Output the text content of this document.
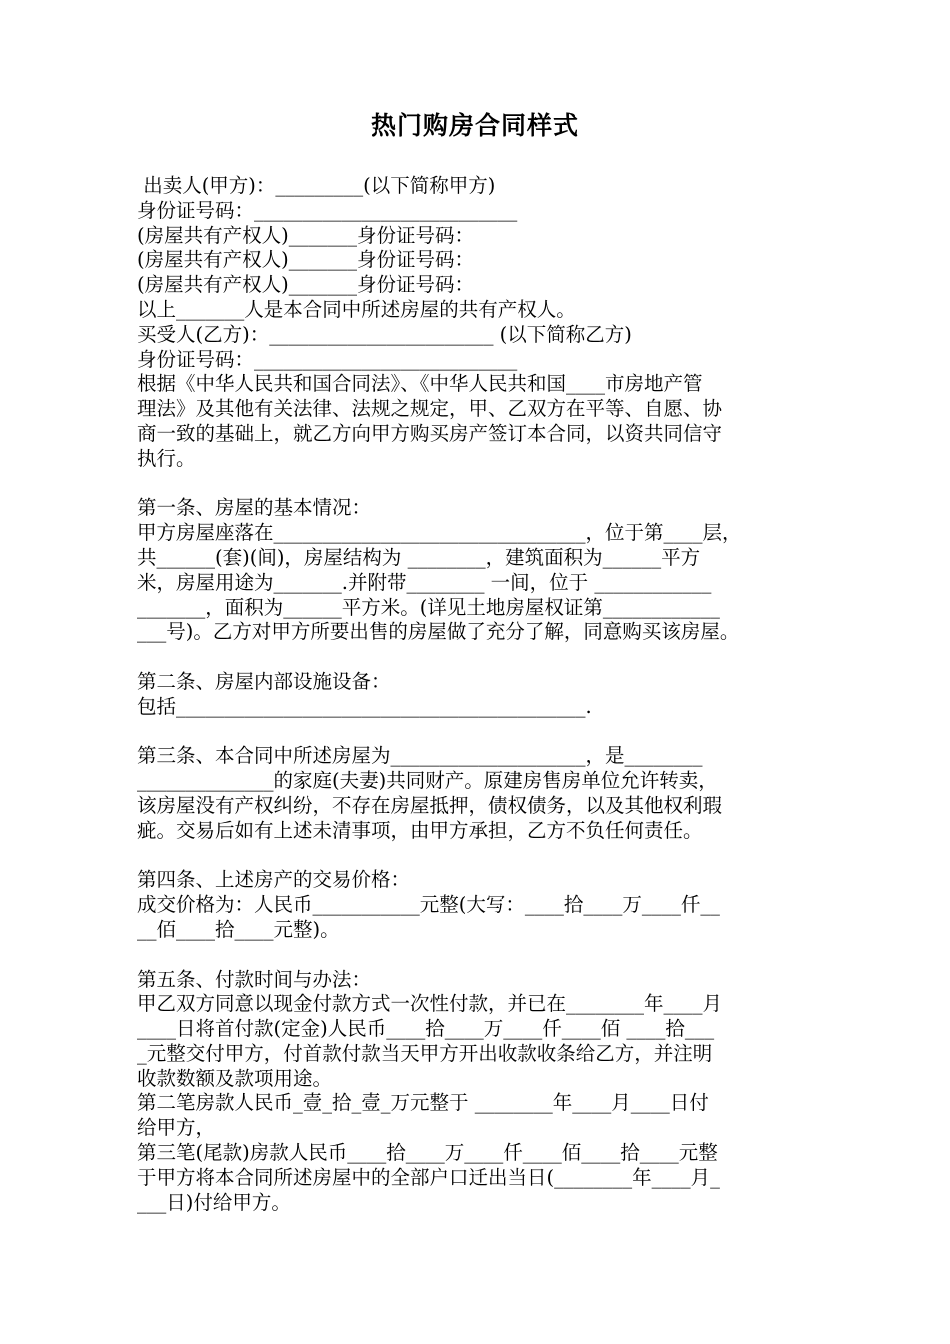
热门购房合同样式
出卖人(甲方)：_________(以下简称甲方)
身份证号码：___________________________
(房屋共有产权人)_______身份证号码：
(房屋共有产权人)_______身份证号码：
(房屋共有产权人)_______身份证号码：
以上_______人是本合同中所述房屋的共有产权人。
买受人(乙方)：_______________________ (以下简称乙方)
身份证号码：___________________________
根据《中华人民共和国合同法》、《中华人民共和国____市房地产管
理法》及其他有关法律、法规之规定，甲、乙双方在平等、自愿、协
商一致的基础上，就乙方向甲方购买房产签订本合同，以资共同信守
执行。
第一条、房屋的基本情况：
甲方房屋座落在________________________________，位于第____层，
共______(套)(间)，房屋结构为 ________，建筑面积为______平方
米，房屋用途为_______.并附带________ 一间，位于 ____________
_______，面积为______平方米。(详见土地房屋权证第____________
___号)。乙方对甲方所要出售的房屋做了充分了解，同意购买该房屋。
第二条、房屋内部设施设备：
包括__________________________________________.
第三条、本合同中所述房屋为____________________，是________
______________的家庭(夫妻)共同财产。原建房售房单位允许转卖，
该房屋没有产权纠纷，不存在房屋抵押，债权债务，以及其他权利瑕
疵。交易后如有上述未清事项，由甲方承担，乙方不负任何责任。
第四条、上述房产的交易价格：
成交价格为：人民币___________元整(大写：____拾____万____仟__
__佰____拾____元整)。
第五条、付款时间与办法：
甲乙双方同意以现金付款方式一次性付款，并已在________年____月
____日将首付款(定金)人民币____拾____万____仟____佰 ____拾___
_元整交付甲方，付首款付款当天甲方开出收款收条给乙方，并注明
收款数额及款项用途。
第二笔房款人民币_壹_拾_壹_万元整于 ________年____月____日付
给甲方，
第三笔(尾款)房款人民币____拾____万____仟____佰____拾____元整
于甲方将本合同所述房屋中的全部户口迁出当日(________年____月_
___日)付给甲方。
